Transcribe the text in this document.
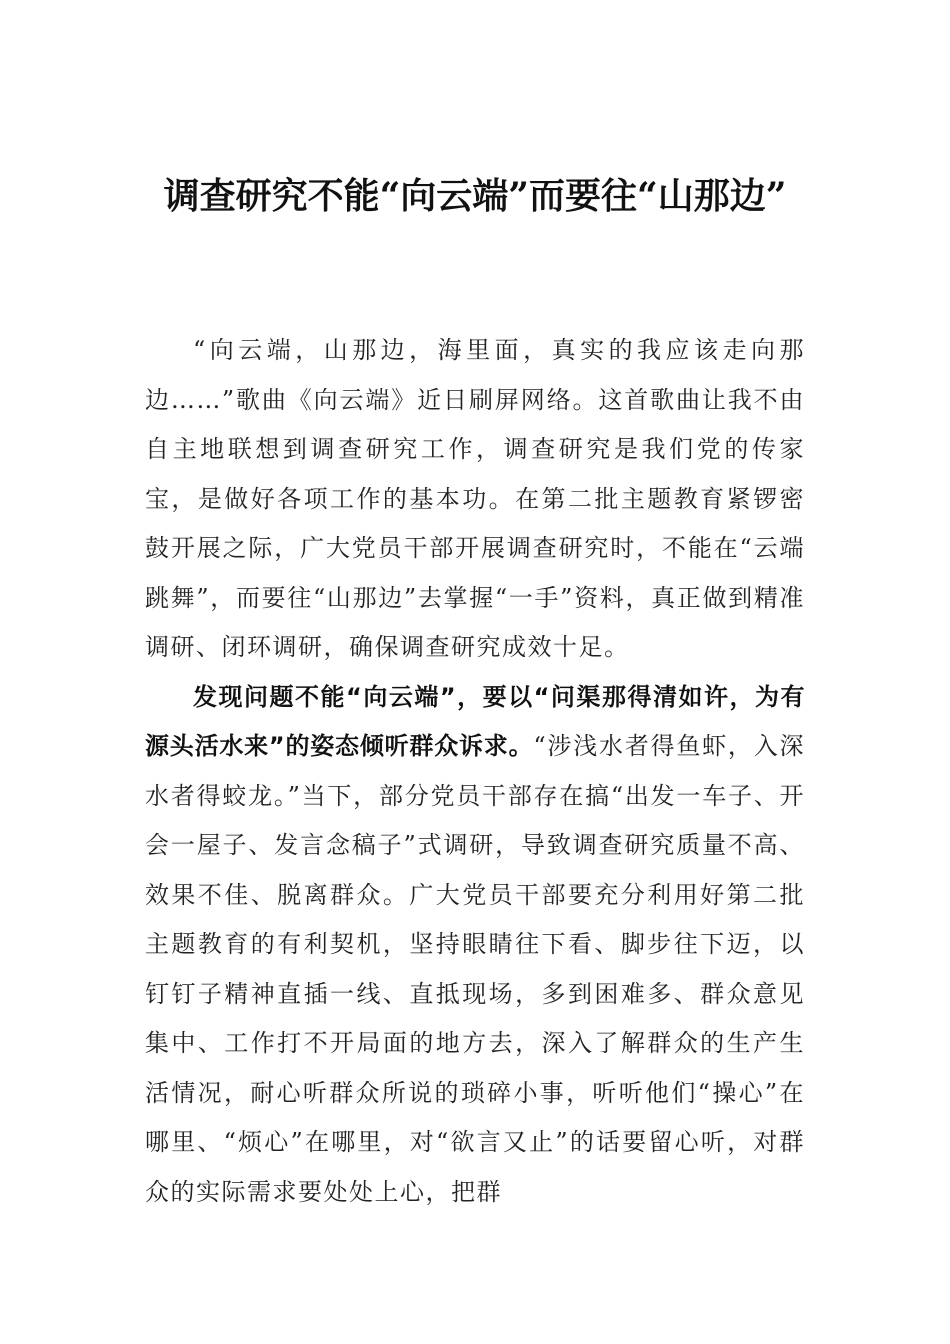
调查研究不能“向云端”而要往“山那边”

“向云端，山那边，海里面，真实的我应该走向那边……”歌曲《向云端》近日刷屏网络。这首歌曲让我不由自主地联想到调查研究工作，调查研究是我们党的传家宝，是做好各项工作的基本功。在第二批主题教育紧锣密鼓开展之际，广大党员干部开展调查研究时，不能在“云端跳舞”，而要往“山那边”去掌握“一手”资料，真正做到精准调研、闭环调研，确保调查研究成效十足。

发现问题不能“向云端”，要以“问渠那得清如许，为有源头活水来”的姿态倾听群众诉求。“涉浅水者得鱼虾，入深水者得蛟龙。”当下，部分党员干部存在搞“出发一车子、开会一屋子、发言念稿子”式调研，导致调查研究质量不高、效果不佳、脱离群众。广大党员干部要充分利用好第二批主题教育的有利契机，坚持眼睛往下看、脚步往下迈，以钉钉子精神直插一线、直抵现场，多到困难多、群众意见集中、工作打不开局面的地方去，深入了解群众的生产生活情况，耐心听群众所说的琐碎小事，听听他们“操心”在哪里、“烦心”在哪里，对“欲言又止”的话要留心听，对群众的实际需求要处处上心，把群
